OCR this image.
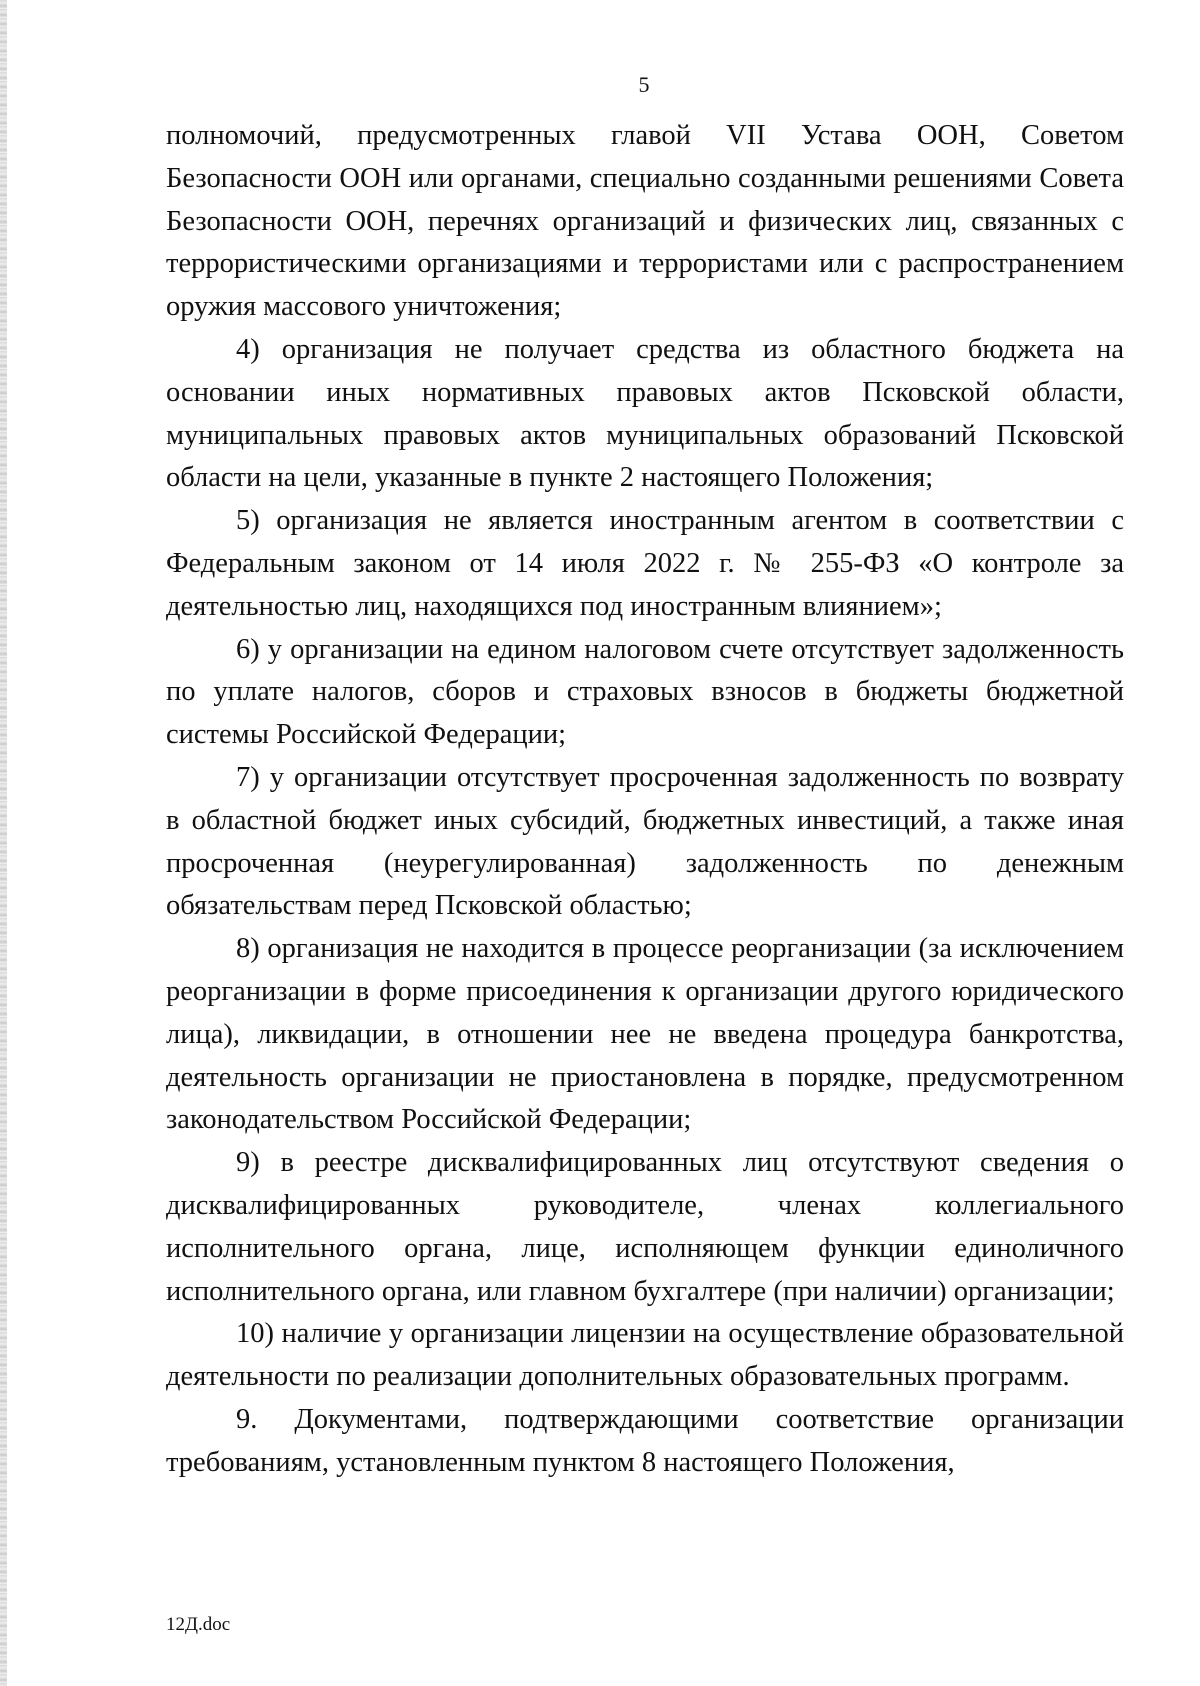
5

полномочий, предусмотренных главой VII Устава ООН, Советом Безопасности ООН или органами, специально созданными решениями Совета Безопасности ООН, перечнях организаций и физических лиц, связанных с террористическими организациями и террористами или с распространением оружия массового уничтожения;

4) организация не получает средства из областного бюджета на основании иных нормативных правовых актов Псковской области, муниципальных правовых актов муниципальных образований Псковской области на цели, указанные в пункте 2 настоящего Положения;

5) организация не является иностранным агентом в соответствии с Федеральным законом от 14 июля 2022 г. № 255-ФЗ «О контроле за деятельностью лиц, находящихся под иностранным влиянием»;

6) у организации на едином налоговом счете отсутствует задолженность по уплате налогов, сборов и страховых взносов в бюджеты бюджетной системы Российской Федерации;

7) у организации отсутствует просроченная задолженность по возврату в областной бюджет иных субсидий, бюджетных инвестиций, а также иная просроченная (неурегулированная) задолженность по денежным обязательствам перед Псковской областью;

8) организация не находится в процессе реорганизации (за исключением реорганизации в форме присоединения к организации другого юридического лица), ликвидации, в отношении нее не введена процедура банкротства, деятельность организации не приостановлена в порядке, предусмотренном законодательством Российской Федерации;

9) в реестре дисквалифицированных лиц отсутствуют сведения о дисквалифицированных руководителе, членах коллегиального исполнительного органа, лице, исполняющем функции единоличного исполнительного органа, или главном бухгалтере (при наличии) организации;

10) наличие у организации лицензии на осуществление образовательной деятельности по реализации дополнительных образовательных программ.

9. Документами, подтверждающими соответствие организации требованиям, установленным пунктом 8 настоящего Положения,

12Д.doc
